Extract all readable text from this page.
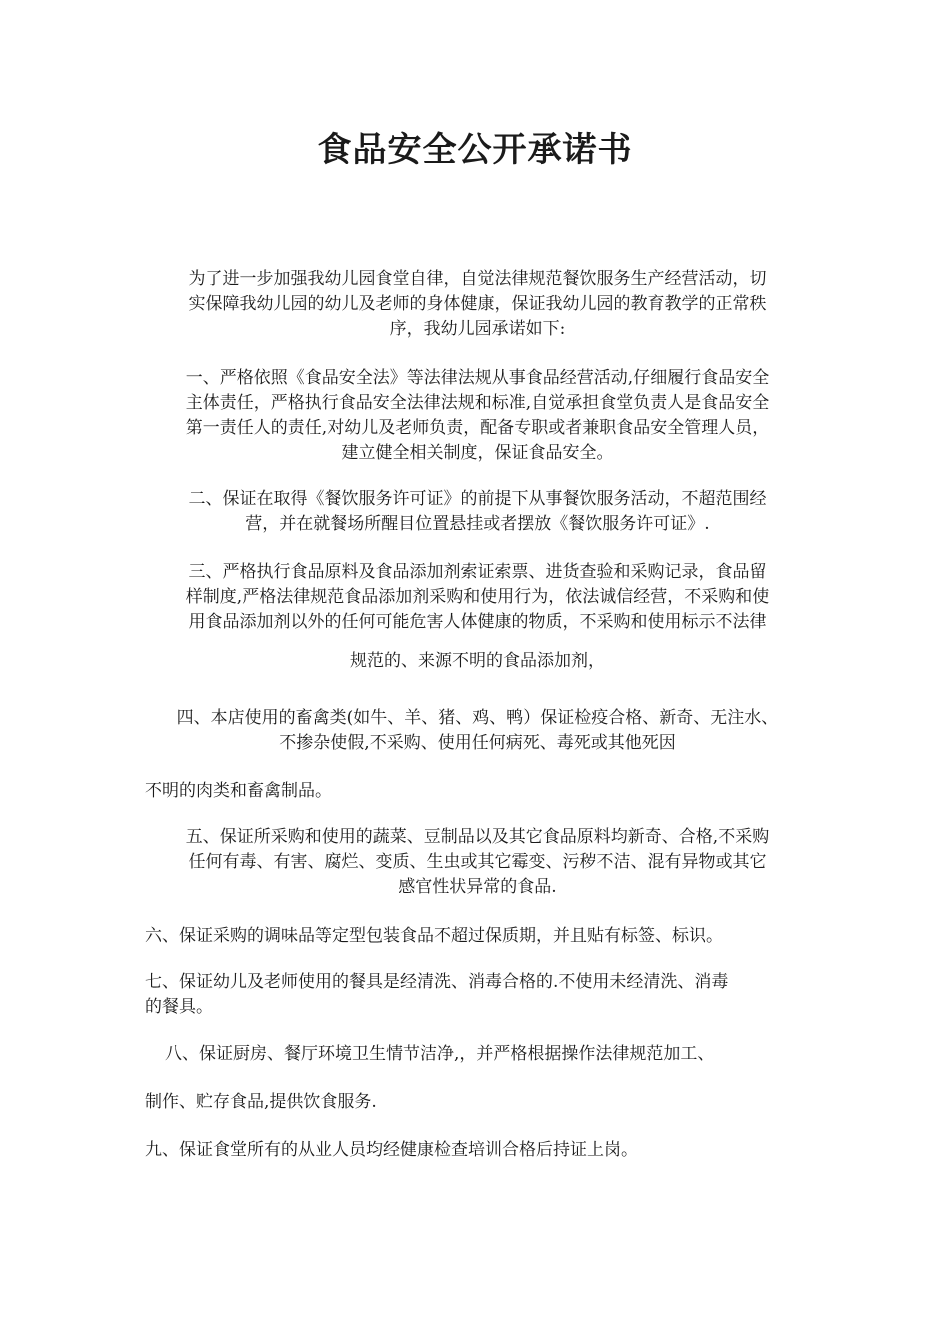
食品安全公开承诺书
为了进一步加强我幼儿园食堂自律，自觉法律规范餐饮服务生产经营活动，切
实保障我幼儿园的幼儿及老师的身体健康，保证我幼儿园的教育教学的正常秩
序，我幼儿园承诺如下:
一、严格依照《食品安全法》等法律法规从事食品经营活动,仔细履行食品安全
主体责任，严格执行食品安全法律法规和标准,自觉承担食堂负责人是食品安全
第一责任人的责任,对幼儿及老师负责，配备专职或者兼职食品安全管理人员，
建立健全相关制度，保证食品安全。
二、保证在取得《餐饮服务许可证》的前提下从事餐饮服务活动，不超范围经
营，并在就餐场所醒目位置悬挂或者摆放《餐饮服务许可证》.
三、严格执行食品原料及食品添加剂索证索票、进货查验和采购记录，食品留
样制度,严格法律规范食品添加剂采购和使用行为，依法诚信经营，不采购和使
用食品添加剂以外的任何可能危害人体健康的物质，不采购和使用标示不法律
规范的、来源不明的食品添加剂，
四、本店使用的畜禽类(如牛、羊、猪、鸡、鸭）保证检疫合格、新奇、无注水、
不掺杂使假,不采购、使用任何病死、毒死或其他死因
不明的肉类和畜禽制品。
五、保证所采购和使用的蔬菜、豆制品以及其它食品原料均新奇、合格,不采购
任何有毒、有害、腐烂、变质、生虫或其它霉变、污秽不洁、混有异物或其它
感官性状异常的食品.
六、保证采购的调味品等定型包装食品不超过保质期，并且贴有标签、标识。
七、保证幼儿及老师使用的餐具是经清洗、消毒合格的.不使用未经清洗、消毒
的餐具。
八、保证厨房、餐厅环境卫生情节洁净,，并严格根据操作法律规范加工、
制作、贮存食品,提供饮食服务.
九、保证食堂所有的从业人员均经健康检查培训合格后持证上岗。
